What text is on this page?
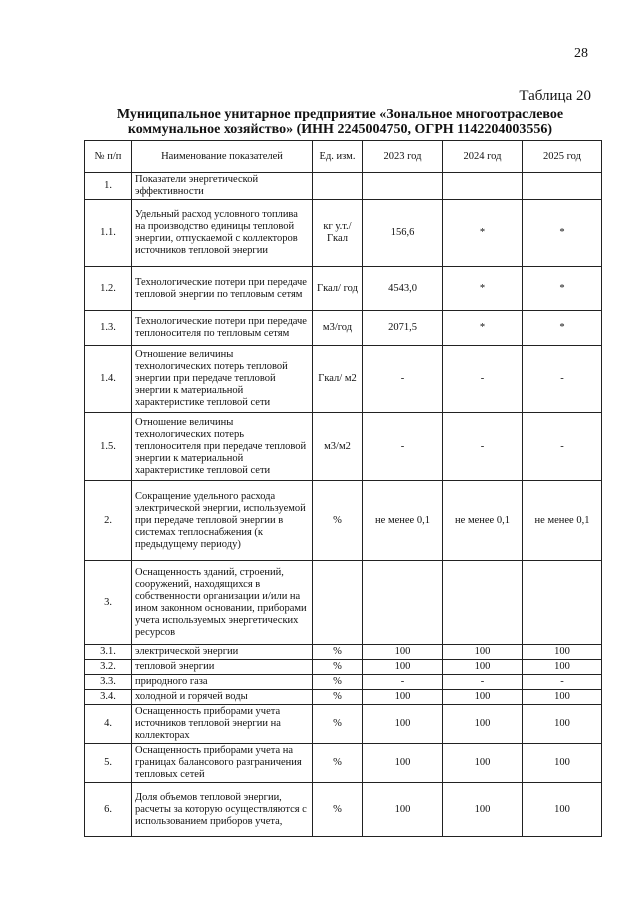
28
Таблица 20
Муниципальное унитарное предприятие «Зональное многоотраслевое коммунальное хозяйство» (ИНН 2245004750, ОГРН 1142204003556)
№ п/п	Наименование показателей	Ед. изм.	2023 год	2024 год	2025 год
1.	Показатели энергетической эффективности				
1.1.	Удельный расход условного топлива на производство единицы тепловой энергии, отпускаемой с коллекторов источников тепловой энергии	кг у.т./ Гкал	156,6	*	*
1.2.	Технологические потери при передаче тепловой энергии по тепловым сетям	Гкал/ год	4543,0	*	*
1.3.	Технологические потери при передаче теплоносителя по тепловым сетям	м3/год	2071,5	*	*
1.4.	Отношение величины технологических потерь тепловой энергии при передаче тепловой энергии к материальной характеристике тепловой сети	Гкал/ м2	-	-	-
1.5.	Отношение величины технологических потерь теплоносителя при передаче тепловой энергии к материальной характеристике тепловой сети	м3/м2	-	-	-
2.	Сокращение удельного расхода электрической энергии, используемой при передаче тепловой энергии в системах теплоснабжения (к предыдущему периоду)	%	не менее 0,1	не менее 0,1	не менее 0,1
3.	Оснащенность зданий, строений, сооружений, находящихся в собственности организации и/или на ином законном основании, приборами учета используемых энергетических ресурсов				
3.1.	электрической энергии	%	100	100	100
3.2.	тепловой энергии	%	100	100	100
3.3.	природного газа	%	-	-	-
3.4.	холодной и горячей воды	%	100	100	100
4.	Оснащенность приборами учета источников тепловой энергии на коллекторах	%	100	100	100
5.	Оснащенность приборами учета на границах балансового разграничения тепловых сетей	%	100	100	100
6.	Доля объемов тепловой энергии, расчеты за которую осуществляются с использованием приборов учета,	%	100	100	100
